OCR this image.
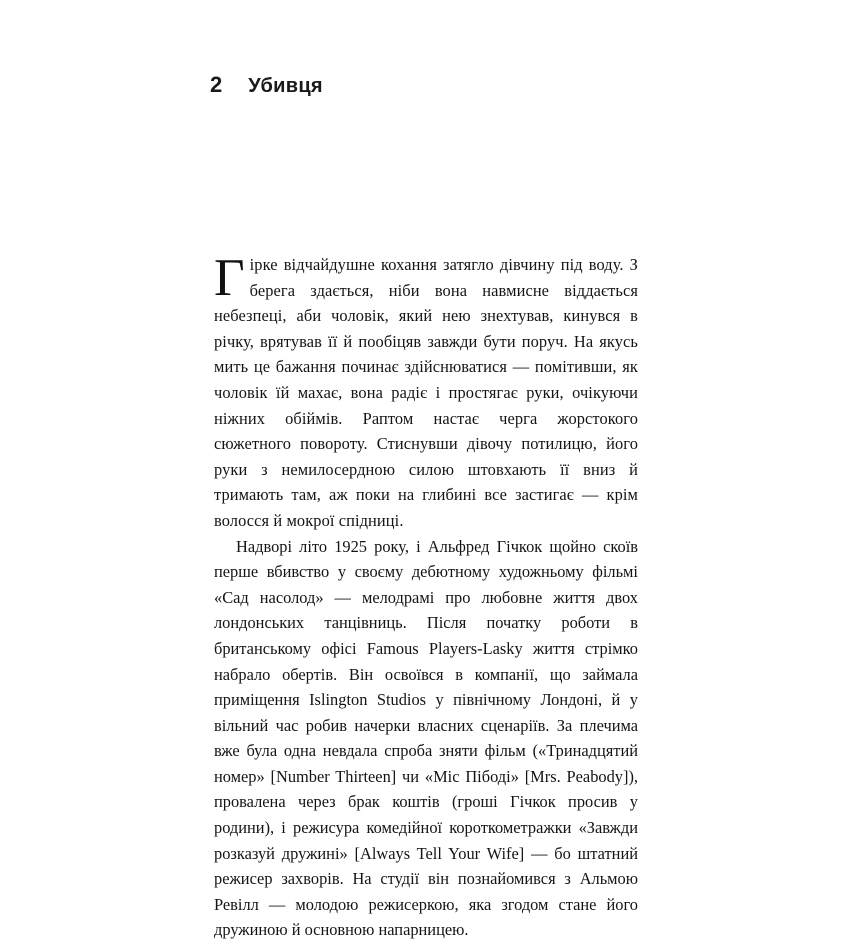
2 Убивця

Гірке відчайдушне кохання затягло дівчину під воду. З берега здається, ніби вона навмисне віддається небезпеці, аби чоловік, який нею знехтував, кинувся в річку, врятував її й пообіцяв завжди бути поруч. На якусь мить це бажання починає здійснюватися — помітивши, як чоловік їй махає, вона радіє і простягає руки, очікуючи ніжних обіймів. Раптом настає черга жорстокого сюжетного повороту. Стиснувши дівочу потилицю, його руки з немилосердною силою штовхають її вниз й тримають там, аж поки на глибині все застигає — крім волосся й мокрої спідниці.

Надворі літо 1925 року, і Альфред Гічкок щойно скоїв перше вбивство у своєму дебютному художньому фільмі «Сад насолод» — мелодрамі про любовне життя двох лондонських танцівниць. Після початку роботи в британському офісі Famous Players-Lasky життя стрімко набрало обертів. Він освоївся в компанії, що займала приміщення Islington Studios у північному Лондоні, й у вільний час робив начерки власних сценаріїв. За плечима вже була одна невдала спроба зняти фільм («Тринадцятий номер» [Number Thirteen] чи «Міс Пібоді» [Mrs. Peabody]), провалена через брак коштів (гроші Гічкок просив у родини), і режисура комедійної короткометражки «Завжди розказуй дружині» [Always Tell Your Wife] — бо штатний режисер захворів. На студії він познайомився з Альмою Ревілл — молодою режисеркою, яка згодом стане його дружиною й основною напарницею.
